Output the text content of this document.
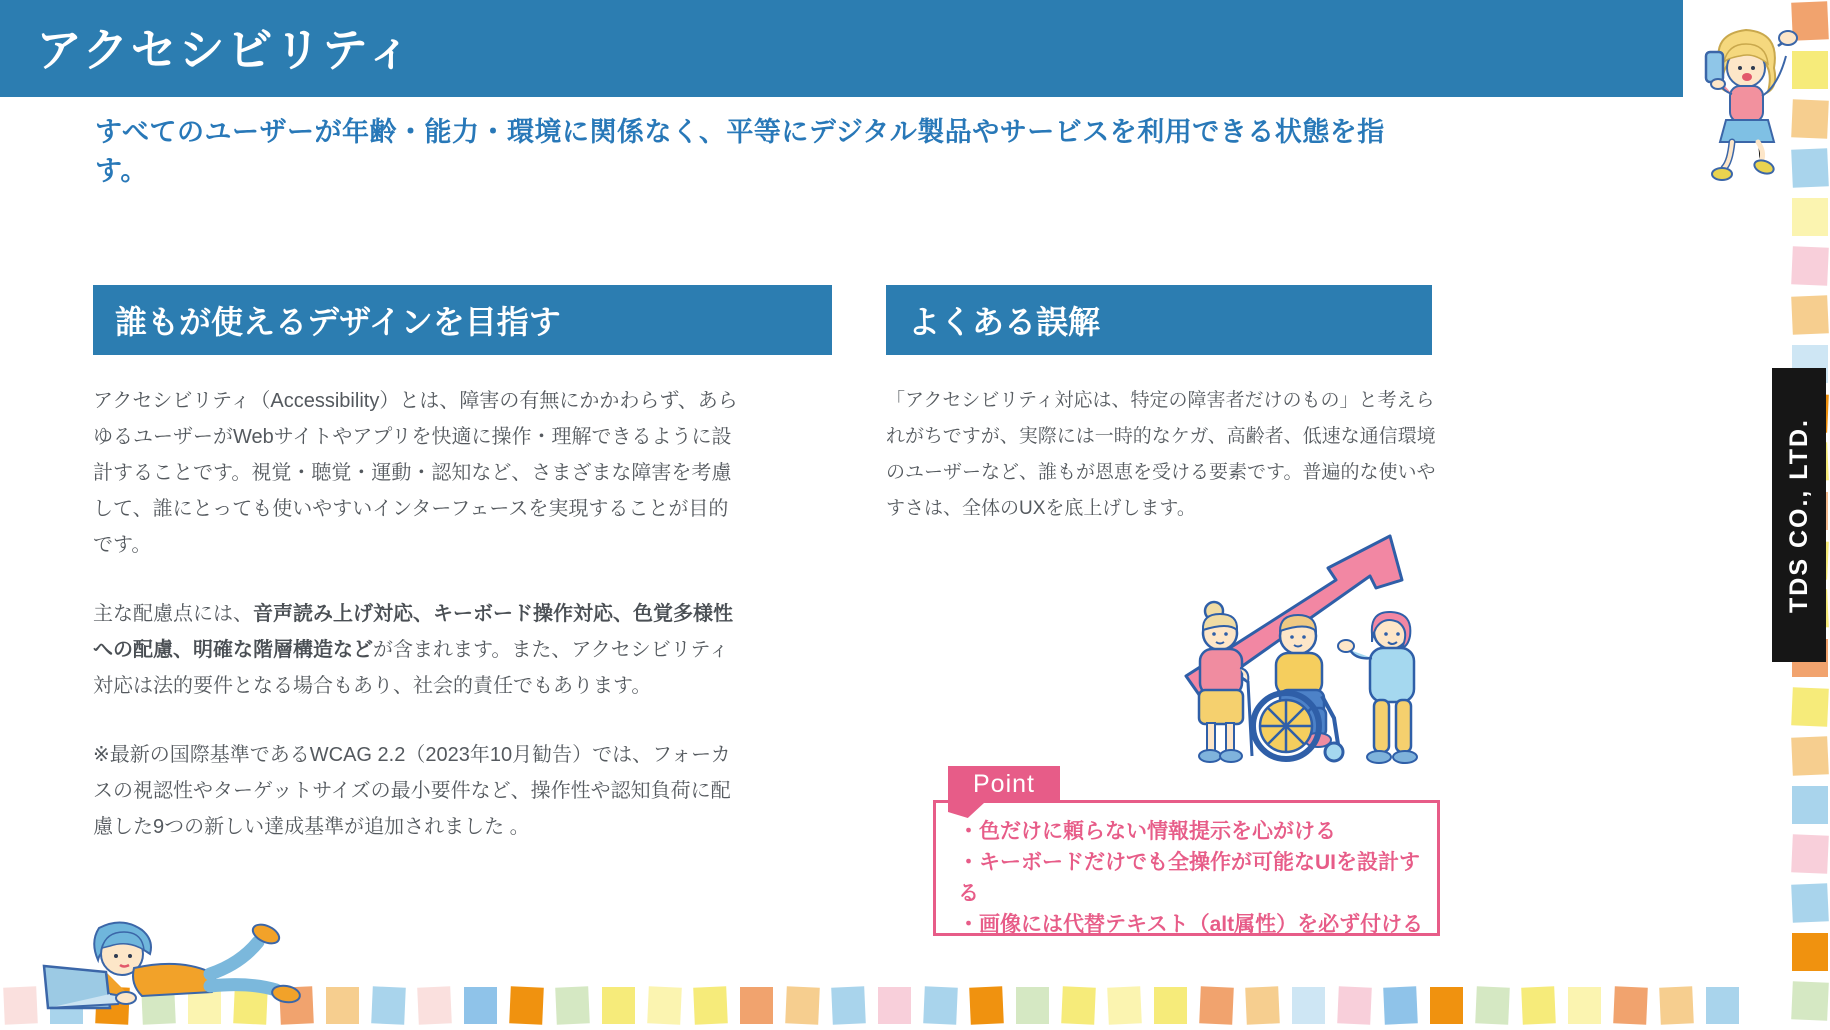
アクセシビリティ
すべてのユーザーが年齢・能力・環境に関係なく、平等にデジタル製品やサービスを利用できる状態を指す。
誰もが使えるデザインを目指す

アクセシビリティ（Accessibility）とは、障害の有無にかかわらず、あらゆるユーザーがWebサイトやアプリを快適に操作・理解できるように設計することです。視覚・聴覚・運動・認知など、さまざまな障害を考慮して、誰にとっても使いやすいインターフェースを実現することが目的です。

主な配慮点には、音声読み上げ対応、キーボード操作対応、色覚多様性への配慮、明確な階層構造などが含まれます。また、アクセシビリティ対応は法的要件となる場合もあり、社会的責任でもあります。

※最新の国際基準であるWCAG 2.2（2023年10月勧告）では、フォーカスの視認性やターゲットサイズの最小要件など、操作性や認知負荷に配慮した9つの新しい達成基準が追加されました 。

よくある誤解

「アクセシビリティ対応は、特定の障害者だけのもの」と考えられがちですが、実際には一時的なケガ、高齢者、低速な通信環境のユーザーなど、誰もが恩恵を受ける要素です。普遍的な使いやすさは、全体のUXを底上げします。

Point
・色だけに頼らない情報提示を心がける
・キーボードだけでも全操作が可能なUIを設計する
・画像には代替テキスト（alt属性）を必ず付ける
TDS CO., LTD.
